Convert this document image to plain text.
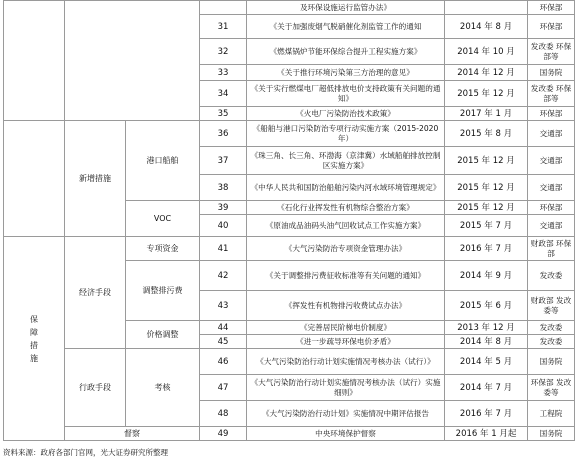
				及环保设施运行监管办法》		环保部
			31	《关于加强废烟气脱硝催化剂监管工作的通知	2014 年 8 月	环保部
			32	《燃煤锅炉节能环保综合提升工程实施方案》	2014 年 10 月	发改委 环保部等
			33	《关于推行环境污染第三方治理的意见》	2014 年 12 月	国务院
			34	《关于实行燃煤电厂超低排放电价支持政策有关问题的通知》	2015 年 12 月	发改委 环保部等
			35	《火电厂污染防治技术政策》	2017 年 1 月	环保部
	新增措施	港口船舶	36	《船舶与港口污染防治专项行动实施方案（2015-2020 年）	2015 年 8 月	交通部
			37	《珠三角、长三角、环渤海（京津冀）水域船舶排放控制区实施方案》	2015 年 12 月	交通部
			38	《中华人民共和国防治船舶污染内河水域环境管理规定》	2015 年 12 月	交通部
		VOC	39	《石化行业挥发性有机物综合整治方案》	2015 年 12 月	环保部
			40	《原油成品油码头油气回收试点工作实施方案》	2015 年 7 月	交通部
保障措施	经济手段	专项资金	41	《大气污染防治专项资金管理办法》	2016 年 7 月	财政部 环保部
		调整排污费	42	《关于调整排污费征收标准等有关问题的通知》	2014 年 9 月	发改委
			43	《挥发性有机物排污收费试点办法》	2015 年 6 月	财政部 发改委等
		价格调整	44	《完善居民阶梯电价制度》	2013 年 12 月	发改委
			45	《进一步疏导环保电价矛盾》	2014 年 8 月	发改委
	行政手段	考核	46	《大气污染防治行动计划实施情况考核办法（试行）》	2014 年 5 月	国务院
			47	《大气污染防治行动计划实施情况考核办法（试行）实施细则》	2014 年 7 月	环保部 发改委等
			48	《大气污染防治行动计划》实施情况中期评估报告	2016 年 7 月	工程院
	督察		49	中央环境保护督察	2016 年 1 月起	国务院
资料来源：政府各部门官网，光大证券研究所整理
